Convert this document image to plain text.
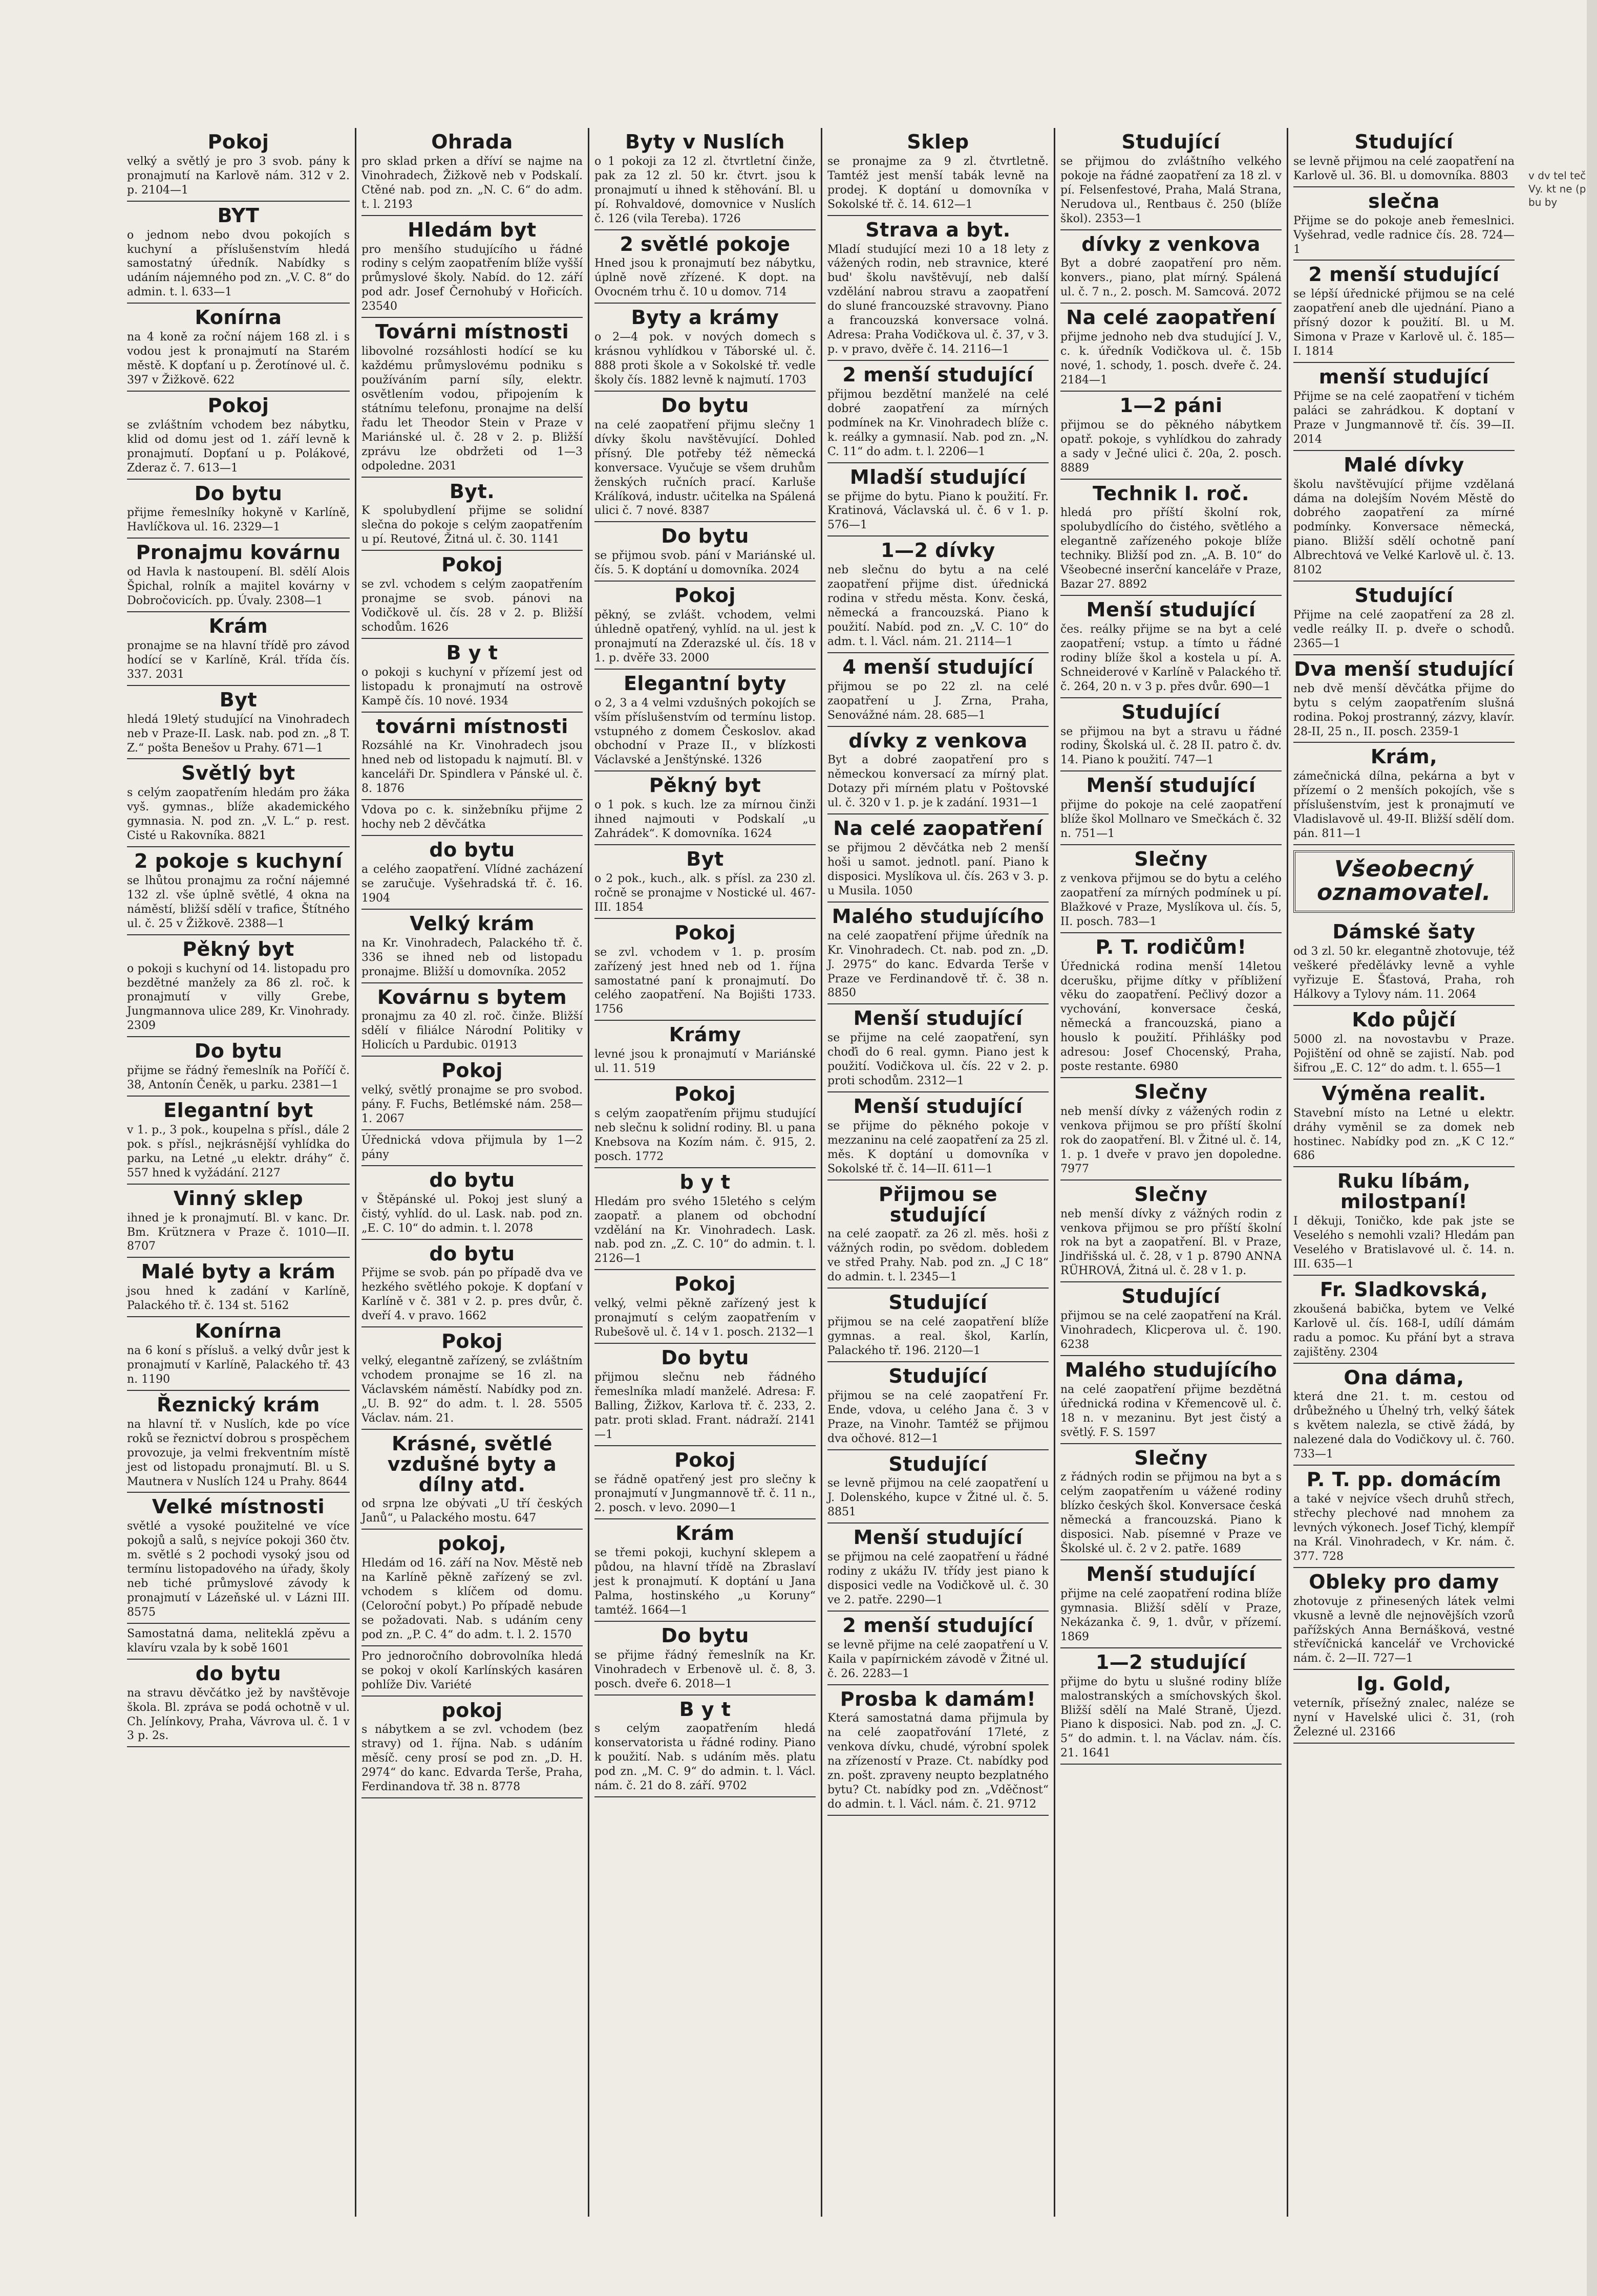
Pokoj
velký a světlý je pro 3 svob. pány k pronajmutí na Karlově nám. 312 v 2. p. 2104—1
BYT
o jednom nebo dvou pokojích s kuchyní a příslušenstvím hledá samostatný úředník. Nabídky s udáním nájemného pod zn. „V. C. 8“ do admin. t. l. 633—1
Konírna
na 4 koně za roční nájem 168 zl. i s vodou jest k pronajmutí na Starém městě. K dopťaní u p. Žerotínové ul. č. 397 v Žižkově. 622
Pokoj
se zvláštním vchodem bez nábytku, klid od domu jest od 1. září levně k pronajmutí. Dopťaní u p. Polákové, Zderaz č. 7. 613—1
Do bytu
přijme řemeslníky hokyně v Karlíně, Havlíčkova ul. 16. 2329—1
Pronajmu kovárnu
od Havla k nastoupení. Bl. sdělí Alois Špichal, rolník a majitel kovárny v Dobročovicích. pp. Úvaly. 2308—1
Krám
pronajme se na hlavní třídě pro závod hodící se v Karlíně, Král. třída čís. 337. 2031
Byt
hledá 19letý studující na Vinohradech neb v Praze-II. Lask. nab. pod zn. „8 T. Z.“ pošta Benešov u Prahy. 671—1
Světlý byt
s celým zaopatřením hledám pro žáka vyš. gymnas., blíže akademického gymnasia. N. pod zn. „V. L.“ p. rest. Cisté u Rakovníka. 8821
2 pokoje s kuchyní
se lhůtou pronajmu za roční nájemné 132 zl. vše úplně světlé, 4 okna na náměstí, bližší sdělí v trafice, Štítného ul. č. 25 v Žižkově. 2388—1
Pěkný byt
o pokoji s kuchyní od 14. listopadu pro bezdětné manžely za 86 zl. roč. k pronajmutí v villy Grebe, Jungmannova ulice 289, Kr. Vinohrady. 2309
Do bytu
přijme se řádný řemeslník na Poříčí č. 38, Antonín Čeněk, u parku. 2381—1
Elegantní byt
v 1. p., 3 pok., koupelna s přísl., dále 2 pok. s přísl., nejkrásnější vyhlídka do parku, na Letné „u elektr. dráhy“ č. 557 hned k vyžádání. 2127
Vinný sklep
ihned je k pronajmutí. Bl. v kanc. Dr. Bm. Krütznera v Praze č. 1010—II. 8707
Malé byty a krám
jsou hned k zadání v Karlíně, Palackého tř. č. 134 st. 5162
Konírna
na 6 koní s přísluš. a velký dvůr jest k pronajmutí v Karlíně, Palackého tř. 43 n. 1190
Řeznický krám
na hlavní tř. v Nuslích, kde po více roků se řeznictví dobrou s prospěchem provozuje, ja velmi frekventním místě jest od listopadu pronajmutí. Bl. u S. Mautnera v Nuslích 124 u Prahy. 8644
Velké místnosti
světlé a vysoké použitelné ve více pokojů a salů, s nejvíce pokoji 360 čtv. m. světlé s 2 pochodi vysoký jsou od termínu listopadového na úřady, školy neb tiché průmyslové závody k pronajmutí v Lázeňské ul. v Lázni III. 8575
Samostatná dama, neliteklá zpěvu a klavíru vzala by k sobě 1601
do bytu
na stravu děvčátko jež by navštěvoje škola. Bl. zpráva se podá ochotně v ul. Ch. Jelínkovy, Praha, Vávrova ul. č. 1 v 3 p. 2s.
Ohrada
pro sklad prken a dříví se najme na Vinohradech, Žižkově neb v Podskalí. Ctěné nab. pod zn. „N. C. 6“ do adm. t. l. 2193
Hledám byt
pro menšího studujícího u řádné rodiny s celým zaopatřením blíže vyšší průmyslové školy. Nabíd. do 12. září pod adr. Josef Černohubý v Hořicích. 23540
Továrni místnosti
libovolné rozsáhlosti hodící se ku každému průmyslovému podniku s používáním parní síly, elektr. osvětlením vodou, připojením k státnímu telefonu, pronajme na delší řadu let Theodor Stein v Praze v Mariánské ul. č. 28 v 2. p. Bližší zprávu lze obdržeti od 1—3 odpoledne. 2031
Byt.
K spolubydlení přijme se solidní slečna do pokoje s celým zaopatřením u pí. Reutové, Žitná ul. č. 30. 1141
Pokoj
se zvl. vchodem s celým zaopatřením pronajme se svob. pánovi na Vodičkově ul. čís. 28 v 2. p. Bližší schodům. 1626
B y t
o pokoji s kuchyní v přízemí jest od listopadu k pronajmutí na ostrově Kampě čís. 10 nové. 1934
továrni místnosti
Rozsáhlé na Kr. Vinohradech jsou hned neb od listopadu k najmutí. Bl. v kanceláři Dr. Spindlera v Pánské ul. č. 8. 1876
Vdova po c. k. sinžebníku přijme 2 hochy neb 2 děvčátka
do bytu
a celého zaopatření. Vlídné zacházení se zaručuje. Vyšehradská tř. č. 16. 1904
Velký krám
na Kr. Vinohradech, Palackého tř. č. 336 se ihned neb od listopadu pronajme. Bližší u domovníka. 2052
Kovárnu s bytem
pronajmu za 40 zl. roč. činže. Bližší sdělí v filiálce Národní Politiky v Holicích u Pardubic. 01913
Pokoj
velký, světlý pronajme se pro svobod. pány. F. Fuchs, Betlémské nám. 258—1. 2067
Úřednická vdova přijmula by 1—2 pány
do bytu
v Štěpánské ul. Pokoj jest sluný a čistý, vyhlíd. do ul. Lask. nab. pod zn. „E. C. 10“ do admin. t. l. 2078
do bytu
Přijme se svob. pán po případě dva ve hezkého světlého pokoje. K dopťaní v Karlíně v č. 381 v 2. p. pres dvůr, č. dveří 4. v pravo. 1662
Pokoj
velký, elegantně zařízený, se zvláštním vchodem pronajme se 16 zl. na Václavském náměstí. Nabídky pod zn. „U. B. 92“ do adm. t. l. 28. 5505 Václav. nám. 21.
Krásné, světlé vzdušné byty a dílny atd.
od srpna lze obývati „U tří českých Janů“, u Palackého mostu. 647
pokoj,
Hledám od 16. září na Nov. Městě neb na Karlíně pěkně zařízený se zvl. vchodem s klíčem od domu. (Celoroční pobyt.) Po případě nebude se požadovati. Nab. s udáním ceny pod zn. „P. C. 4“ do adm. t. l. 2. 1570
Pro jednoročního dobrovolníka hledá se pokoj v okolí Karlínských kasáren pohlíže Div. Variété
pokoj
s nábytkem a se zvl. vchodem (bez stravy) od 1. října. Nab. s udáním měsíč. ceny prosí se pod zn. „D. H. 2974“ do kanc. Edvarda Terše, Praha, Ferdinandova tř. 38 n. 8778
Byty v Nuslích
o 1 pokoji za 12 zl. čtvrtletní činže, pak za 12 zl. 50 kr. čtvrt. jsou k pronajmutí u ihned k stěhování. Bl. u pí. Rohvaldové, domovnice v Nuslích č. 126 (vila Tereba). 1726
2 světlé pokoje
Hned jsou k pronajmutí bez nábytku, úplně nově zřízené. K dopt. na Ovocném trhu č. 10 u domov. 714
Byty a krámy
o 2—4 pok. v nových domech s krásnou vyhlídkou v Táborské ul. č. 888 proti škole a v Sokolské tř. vedle školy čís. 1882 levně k najmutí. 1703
Do bytu
na celé zaopatření přijmu slečny 1 dívky školu navštěvující. Dohled přísný. Dle potřeby též německá konversace. Vyučuje se všem druhům ženských ručních prací. Karluše Králíková, industr. učitelka na Spálená ulici č. 7 nové. 8387
Do bytu
se přijmou svob. pání v Mariánské ul. čís. 5. K doptání u domovníka. 2024
Pokoj
pěkný, se zvlášt. vchodem, velmi úhledně opatřený, vyhlíd. na ul. jest k pronajmutí na Zderazské ul. čís. 18 v 1. p. dvěře 33. 2000
Elegantní byty
o 2, 3 a 4 velmi vzdušných pokojích se vším příslušenstvím od termínu listop. vstupného z domem Českoslov. akad obchodní v Praze II., v blízkosti Václavské a Jenštýnské. 1326
Pěkný byt
o 1 pok. s kuch. lze za mírnou činži ihned najmouti v Podskalí „u Zahrádek“. K domovníka. 1624
Byt
o 2 pok., kuch., alk. s přísl. za 230 zl. ročně se pronajme v Nostické ul. 467-III. 1854
Pokoj
se zvl. vchodem v 1. p. prosím zařízený jest hned neb od 1. října samostatné paní k pronajmutí. Do celého zaopatření. Na Bojišti 1733. 1756
Krámy
levné jsou k pronajmutí v Mariánské ul. 11. 519
Pokoj
s celým zaopatřením přijmu studující neb slečnu k solidní rodiny. Bl. u pana Knebsova na Kozím nám. č. 915, 2. posch. 1772
b y t
Hledám pro svého 15letého s celým zaopatř. a planem od obchodní vzdělání na Kr. Vinohradech. Lask. nab. pod zn. „Z. C. 10“ do admin. t. l. 2126—1
Pokoj
velký, velmi pěkně zařízený jest k pronajmutí s celým zaopatřením v Rubešově ul. č. 14 v 1. posch. 2132—1
Do bytu
přijmou slečnu neb řádného řemeslníka mladí manželé. Adresa: F. Balling, Žižkov, Karlova tř. č. 233, 2. patr. proti sklad. Frant. nádraží. 2141—1
Pokoj
se řádně opatřený jest pro slečny k pronajmutí v Jungmannově tř. č. 11 n., 2. posch. v levo. 2090—1
Krám
se třemi pokoji, kuchyní sklepem a půdou, na hlavní třídě na Zbraslaví jest k pronajmutí. K doptání u Jana Palma, hostinského „u Koruny“ tamtéž. 1664—1
Do bytu
se přijme řádný řemeslník na Kr. Vinohradech v Erbenově ul. č. 8, 3. posch. dveře 6. 2018—1
B y t
s celým zaopatřením hledá konservatorista u řádné rodiny. Piano k použití. Nab. s udáním měs. platu pod zn. „M. C. 9“ do admin. t. l. Václ. nám. č. 21 do 8. září. 9702
Sklep
se pronajme za 9 zl. čtvrtletně. Tamtéž jest menší tabák levně na prodej. K doptání u domovníka v Sokolské tř. č. 14. 612—1
Strava a byt.
Mladí studující mezi 10 a 18 lety z vážených rodin, neb stravnice, které bud' školu navštěvují, neb další vzdělání nabrou stravu a zaopatření do sluné francouzské stravovny. Piano a francouzská konversace volná. Adresa: Praha Vodičkova ul. č. 37, v 3. p. v pravo, dvěře č. 14. 2116—1
2 menší studující
přijmou bezdětní manželé na celé dobré zaopatření za mírných podmínek na Kr. Vinohradech blíže c. k. reálky a gymnasií. Nab. pod zn. „N. C. 11“ do adm. t. l. 2206—1
Mladší studující
se přijme do bytu. Piano k použití. Fr. Kratinová, Václavská ul. č. 6 v 1. p. 576—1
1—2 dívky
neb slečnu do bytu a na celé zaopatření přijme dist. úřednická rodina v středu města. Konv. česká, německá a francouzská. Piano k použití. Nabíd. pod zn. „V. C. 10“ do adm. t. l. Václ. nám. 21. 2114—1
4 menší studující
přijmou se po 22 zl. na celé zaopatření u J. Zrna, Praha, Senovážné nám. 28. 685—1
dívky z venkova
Byt a dobré zaopatření pro s německou konversací za mírný plat. Dotazy při mírném platu v Poštovské ul. č. 320 v 1. p. je k zadání. 1931—1
Na celé zaopatření
se přijmou 2 děvčátka neb 2 menší hoši u samot. jednotl. paní. Piano k disposici. Myslíkova ul. čís. 263 v 3. p. u Musila. 1050
Malého studujícího
na celé zaopatření přijme úředník na Kr. Vinohradech. Ct. nab. pod zn. „D. J. 2975“ do kanc. Edvarda Terše v Praze ve Ferdinandově tř. č. 38 n. 8850
Menší studující
se přijme na celé zaopatření, syn choďi do 6 real. gymn. Piano jest k použití. Vodičkova ul. čís. 22 v 2. p. proti schodům. 2312—1
Menší studující
se přijme do pěkného pokoje v mezzaninu na celé zaopatření za 25 zl. měs. K doptání u domovníka v Sokolské tř. č. 14—II. 611—1
Přijmou se studující
na celé zaopatř. za 26 zl. měs. hoši z vážných rodin, po svědom. dobledem ve střed Prahy. Nab. pod zn. „J C 18“ do admin. t. l. 2345—1
Studující
přijmou se na celé zaopatření blíže gymnas. a real. škol, Karlín, Palackého tř. 196. 2120—1
Studující
přijmou se na celé zaopatření Fr. Ende, vdova, u celého Jana č. 3 v Praze, na Vinohr. Tamtéž se přijmou dva očhové. 812—1
Studující
se levně přijmou na celé zaopatření u J. Dolenského, kupce v Žitné ul. č. 5. 8851
Menší studující
se přijmou na celé zaopatření u řádné rodiny z ukážu IV. třídy jest piano k disposici vedle na Vodičkově ul. č. 30 ve 2. patře. 2290—1
2 menší studující
se levně přijme na celé zaopatření u V. Kaila v papírnickém závodě v Žitné ul. č. 26. 2283—1
Prosba k damám!
Která samostatná dama přijmula by na celé zaopatřování 17leté, z venkova dívku, chudé, výrobní spolek na zřízeností v Praze. Ct. nabídky pod zn. pošt. zpraveny neupto bezplatného bytu? Ct. nabídky pod zn. „Vděčnost“ do admin. t. l. Václ. nám. č. 21. 9712
Studující
se přijmou do zvláštního velkého pokoje na řádné zaopatření za 18 zl. v pí. Felsenfestové, Praha, Malá Strana, Nerudova ul., Rentbaus č. 250 (blíže škol). 2353—1
dívky z venkova
Byt a dobré zaopatření pro něm. konvers., piano, plat mírný. Spálená ul. č. 7 n., 2. posch. M. Samcová. 2072
Na celé zaopatření
přijme jednoho neb dva studující J. V., c. k. úředník Vodičkova ul. č. 15b nové, 1. schody, 1. posch. dveře č. 24. 2184—1
1—2 páni
přijmou se do pěkného nábytkem opatř. pokoje, s vyhlídkou do zahrady a sady v Ječné ulici č. 20a, 2. posch. 8889
Technik I. roč.
hledá pro příští školní rok, spolubydlícího do čistého, světlého a elegantně zařízeného pokoje blíže techniky. Bližší pod zn. „A. B. 10“ do Všeobecné inserční kanceláře v Praze, Bazar 27. 8892
Menší studující
čes. reálky přijme se na byt a celé zaopatření; vstup. a tímto u řádné rodiny blíže škol a kostela u pí. A. Schneiderové v Karlíně v Palackého tř. č. 264, 20 n. v 3 p. přes dvůr. 690—1
Studující
se přijmou na byt a stravu u řádné rodiny, Školská ul. č. 28 II. patro č. dv. 14. Piano k použití. 747—1
Menší studující
přijme do pokoje na celé zaopatření blíže škol Mollnaro ve Smečkách č. 32 n. 751—1
Slečny
z venkova přijmou se do bytu a celého zaopatření za mírných podmínek u pí. Blažkové v Praze, Myslíkova ul. čís. 5, II. posch. 783—1
P. T. rodičům!
Úřednická rodina menší 14letou dcerušku, přijme dítky v příbližení věku do zaopatření. Pečlivý dozor a vychování, konversace česká, německá a francouzská, piano a houslo k použití. Přihlášky pod adresou: Josef Chocenský, Praha, poste restante. 6980
Slečny
neb menší dívky z vážených rodin z venkova přijmou se pro příští školní rok do zaopatření. Bl. v Žitné ul. č. 14, 1. p. 1 dveře v pravo jen dopoledne. 7977
Slečny
neb menší dívky z vážných rodin z venkova přijmou se pro příští školní rok na byt a zaopatření. Bl. v Praze, Jindřišská ul. č. 28, v 1 p. 8790 ANNA RÜHROVÁ, Žitná ul. č. 28 v 1. p.
Studující
přijmou se na celé zaopatření na Král. Vinohradech, Klicperova ul. č. 190. 6238
Malého studujícího
na celé zaopatření přijme bezdětná úřednická rodina v Křemencově ul. č. 18 n. v mezaninu. Byt jest čistý a světlý. F. S. 1597
Slečny
z řádných rodin se přijmou na byt a s celým zaopatřením u vážené rodiny blízko českých škol. Konversace česká německá a francouzská. Piano k disposici. Nab. písemné v Praze ve Školské ul. č. 2 v 2. patře. 1689
Menší studující
přijme na celé zaopatření rodina blíže gymnasia. Bližší sdělí v Praze, Nekázanka č. 9, 1. dvůr, v přízemí. 1869
1—2 studující
přijme do bytu u slušné rodiny blíže malostranských a smíchovských škol. Bližší sdělí na Malé Straně, Újezd. Piano k disposici. Nab. pod zn. „J. C. 5“ do admin. t. l. na Václav. nám. čís. 21. 1641
Studující
se levně přijmou na celé zaopatření na Karlově ul. 36. Bl. u domovníka. 8803
slečna
Přijme se do pokoje aneb řemeslnici. Vyšehrad, vedle radnice čís. 28. 724—1
2 menší studující
se lépší úřednické přijmou se na celé zaopatření aneb dle ujednání. Piano a přísný dozor k použití. Bl. u M. Simona v Praze v Karlově ul. č. 185—I. 1814
menší studující
Přijme se na celé zaopatření v tichém paláci se zahrádkou. K doptaní v Praze v Jungmannově tř. čís. 39—II. 2014
Malé dívky
školu navštěvující přijme vzdělaná dáma na dolejším Novém Městě do dobrého zaopatření za mírné podmínky. Konversace německá, piano. Bližší sdělí ochotně paní Albrechtová ve Velké Karlově ul. č. 13. 8102
Studující
Přijme na celé zaopatření za 28 zl. vedle reálky II. p. dveře o schodů. 2365—1
Dva menší studující
neb dvě menší děvčátka přijme do bytu s celým zaopatřením slušná rodina. Pokoj prostranný, zázvy, klavír. 28-II, 25 n., II. posch. 2359-1
Krám,
zámečnická dílna, pekárna a byt v přízemí o 2 menších pokojích, vše s příslušenstvím, jest k pronajmutí ve Vladislavově ul. 49-II. Bližší sdělí dom. pán. 811—1
Všeobecný oznamovatel.
Dámské šaty
od 3 zl. 50 kr. elegantně zhotovuje, též veškeré předělávky levně a vyhle vyřizuje E. Šťastová, Praha, roh Hálkovy a Tylovy nám. 11. 2064
Kdo půjčí
5000 zl. na novostavbu v Praze. Pojištění od ohně se zajistí. Nab. pod šifrou „E. C. 12“ do adm. t. l. 655—1
Výměna realit.
Stavební místo na Letné u elektr. dráhy vyměnil se za domek neb hostinec. Nabídky pod zn. „K C 12.“ 686
Ruku líbám, milostpaní!
I děkuji, Toničko, kde pak jste se Veselého s nemohli vzali? Hledám pan Veselého v Bratislavové ul. č. 14. n. III. 635—1
Fr. Sladkovská,
zkoušená babička, bytem ve Velké Karlově ul. čís. 168-I, udílí dámám radu a pomoc. Ku přání byt a strava zajištěny. 2304
Ona dáma,
která dne 21. t. m. cestou od drůbežného u Úhelný trh, velký šátek s květem nalezla, se ctivě žádá, by nalezené dala do Vodičkovy ul. č. 760. 733—1
P. T. pp. domácím
a také v nejvíce všech druhů střech, střechy plechové nad mnohem za levných výkonech. Josef Tichý, klempíř na Král. Vinohradech, v Kr. nám. č. 377. 728
Obleky pro damy
zhotovuje z přinesených látek velmi vkusně a levně dle nejnovějších vzorů pařížských Anna Bernášková, vestné střevíčnická kancelář ve Vrchovické nám. č. 2—II. 727—1
Ig. Gold,
veterník, přísežný znalec, naléze se nyní v Havelské ulici č. 31, (roh Železné ul. 23166
v dv tel teč Vy. kt ne (p bu by
